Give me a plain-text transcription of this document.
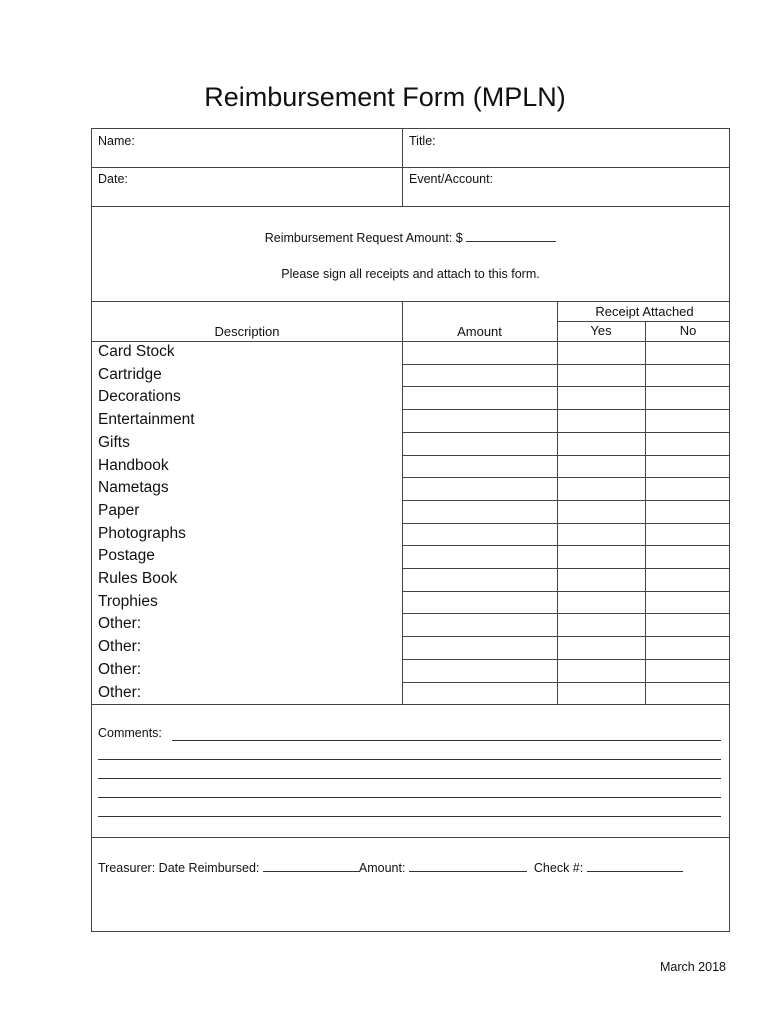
Reimbursement Form (MPLN)
Name:	Title:
Date:	Event/Account:
Reimbursement Request Amount: $
Please sign all receipts and attach to this form.
Description	Amount
Receipt Attached
Yes	No
Card Stock
Cartridge
Decorations
Entertainment
Gifts
Handbook
Nametags
Paper
Photographs
Postage
Rules Book
Trophies
Other:
Other:
Other:
Other:
Comments:
Treasurer: Date Reimbursed:	Amount:	Check #:
March 2018
